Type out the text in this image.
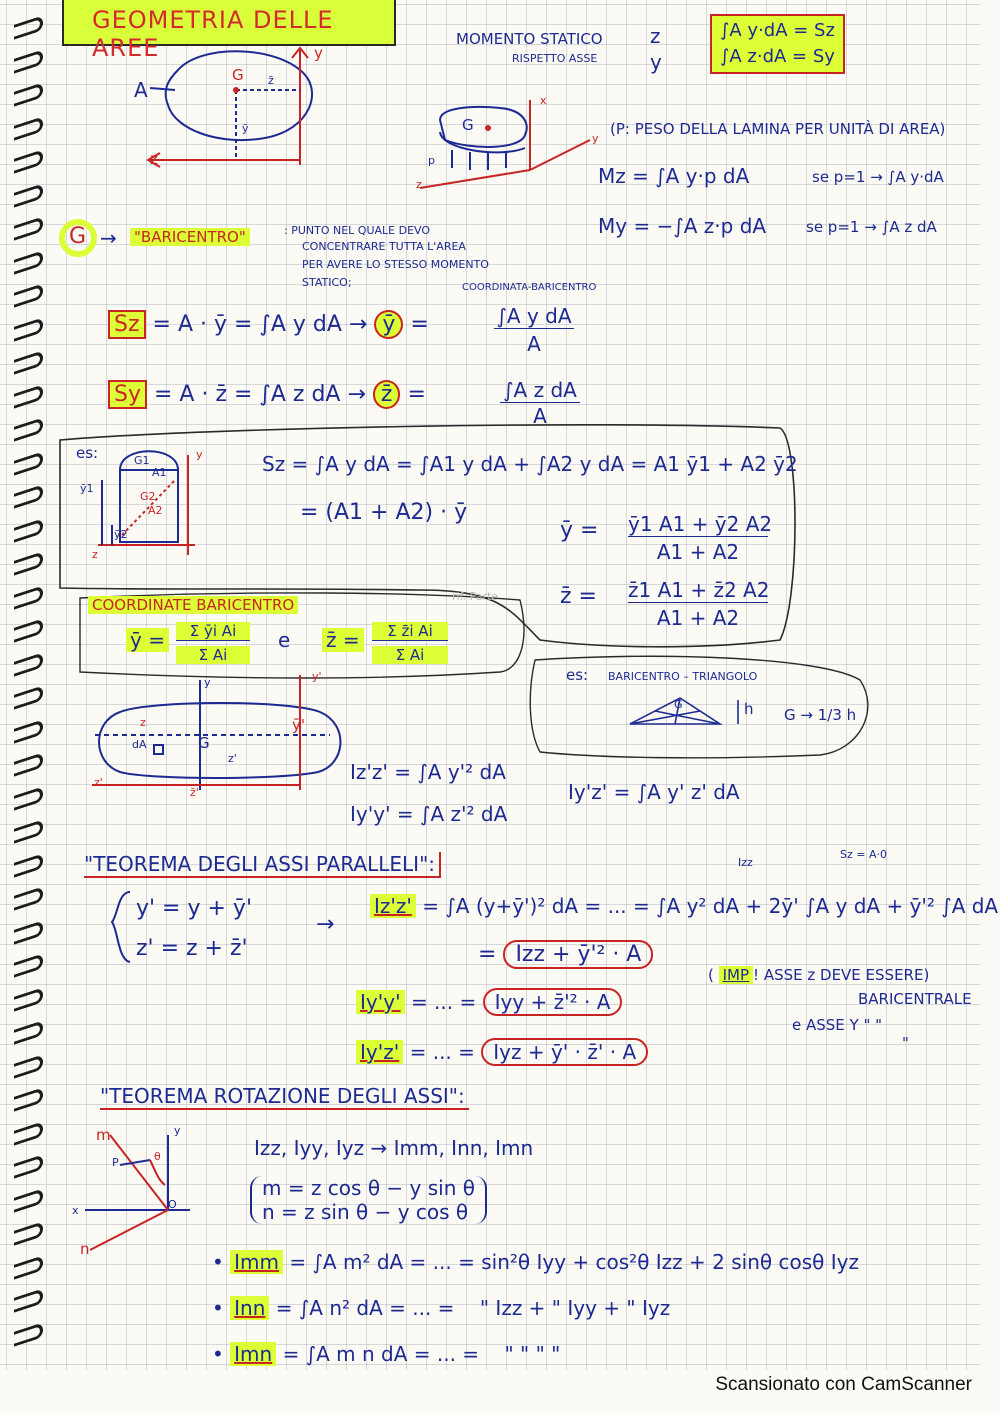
GEOMETRIA DELLE AREE	MOMENTO STATICO
RISPETTO ASSE
z
y
∫A y·dA = Sz
∫A z·dA = Sy
A
G
y
z
z̄
ȳ	G
p
x
y
z
(P: PESO DELLA LAMINA PER UNITÀ DI AREA)
Mz = ∫A y·p dA	se p=1 → ∫A y·dA
My = −∫A z·p dA	se p=1 → ∫A z dA
G → "BARICENTRO"	: PUNTO NEL QUALE DEVO
CONCENTRARE TUTTA L'AREA
PER AVERE LO STESSO MOMENTO
STATICO;	COORDINATA-BARICENTRO
Sz = A · ȳ = ∫A y dA → ȳ =	∫A y dA
A
Sy = A · z̄ = ∫A z dA → z̄ =	∫A z dA
A
es:
A2
A1
G1
G2
y
ȳ1
ȳ2
z
Sz = ∫A y dA = ∫A1 y dA + ∫A2 y dA = A1 ȳ1 + A2 ȳ2
= (A1 + A2) · ȳ
ȳ = ȳ1 A1 + ȳ2 A2
A1 + A2
z̄ = z̄1 A1 + z̄2 A2
A1 + A2
COORDINATE BARICENTRO	rif. Parte
ȳ =	Σ ȳi Ai
Σ Ai
e z̄ =	Σ z̄i Ai
Σ Ai
es: BARICENTRO – TRIANGOLO
G	h G → 1/3 h
y	y'
ȳ'
z
z'
z'
z̄'
G
dA
Iz'z' = ∫A y'² dA
Iy'y' = ∫A z'² dA
Iy'z' = ∫A y' z' dA
"TEOREMA DEGLI ASSI PARALLELI":
y' = y + ȳ'
z' = z + z̄'
→
Iz'z' = ∫A (y+ȳ')² dA = ... = ∫A y² dA + 2ȳ' ∫A y dA + ȳ'² ∫A dA
Izz
Sz = A·0
= Izz + ȳ'² · A
Iy'y' = ... = Iyy + z̄'² · A
Iy'z' = ... = Iyz + ȳ' · z̄' · A
( IMP ! ASSE z DEVE ESSERE)
BARICENTRALE
e ASSE Y " "
"
"TEOREMA ROTAZIONE DEGLI ASSI":
m
n
y
x
P
O
θ	Izz, Iyy, Iyz → Imm, Inn, Imn
m = z cos θ − y sin θ
n = z sin θ − y cos θ
• Imm = ∫A m² dA = ... = sin²θ Iyy + cos²θ Izz + 2 sinθ cosθ Iyz
• Inn = ∫A n² dA = ... = " Izz + " Iyy + " Iyz
• Imn = ∫A m n dA = ... = " " " "
Scansionato con CamScanner
